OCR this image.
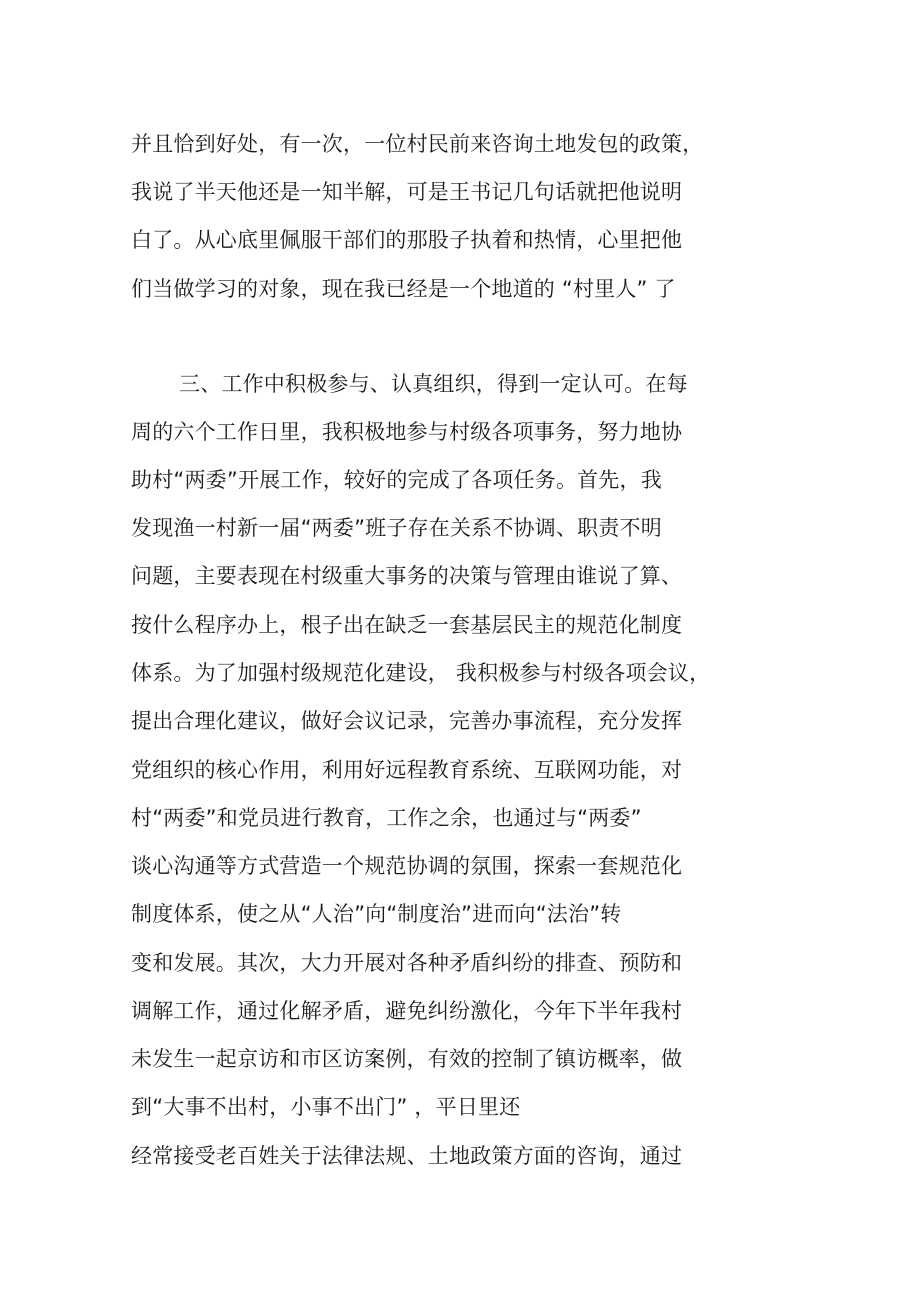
并且恰到好处，有一次，一位村民前来咨询土地发包的政策，
我说了半天他还是一知半解，可是王书记几句话就把他说明
白了。从心底里佩服干部们的那股子执着和热情，心里把他
们当做学习的对象，现在我已经是一个地道的 “村里人” 了
三、工作中积极参与、认真组织，得到一定认可。在每
周的六个工作日里，我积极地参与村级各项事务，努力地协
助村“两委”开展工作，较好的完成了各项任务。首先，我
发现渔一村新一届“两委”班子存在关系不协调、职责不明
问题，主要表现在村级重大事务的决策与管理由谁说了算、
按什么程序办上，根子出在缺乏一套基层民主的规范化制度
体系。为了加强村级规范化建设， 我积极参与村级各项会议，
提出合理化建议，做好会议记录，完善办事流程，充分发挥
党组织的核心作用，利用好远程教育系统、互联网功能，对
村“两委”和党员进行教育，工作之余，也通过与“两委”
谈心沟通等方式营造一个规范协调的氛围，探索一套规范化
制度体系，使之从“人治”向“制度治”进而向“法治”转
变和发展。其次，大力开展对各种矛盾纠纷的排查、预防和
调解工作，通过化解矛盾，避免纠纷激化，今年下半年我村
未发生一起京访和市区访案例，有效的控制了镇访概率，做
到“大事不出村，小事不出门” ，平日里还
经常接受老百姓关于法律法规、土地政策方面的咨询，通过
